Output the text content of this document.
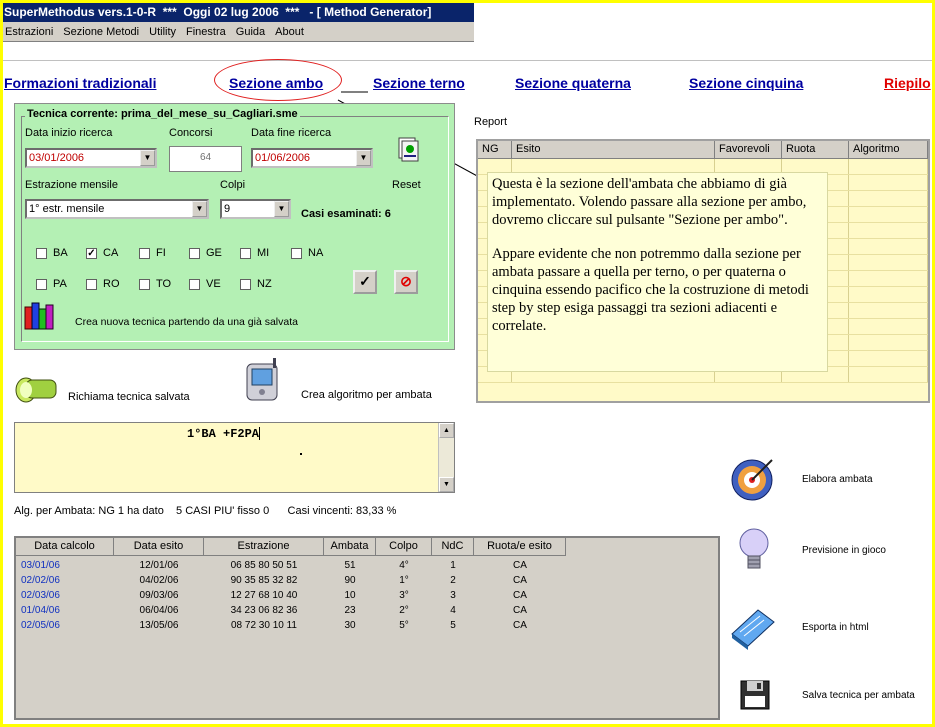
SuperMethodus vers.1-0-R  ***  Oggi 02 lug 2006  ***   - [ Method Generator]
Estrazioni Sezione Metodi Utility Finestra Guida About
Formazioni tradizionali	Sezione ambo	Sezione terno	Sezione quaterna	Sezione cinquina	Riepilo
Tecnica corrente: prima_del_mese_su_Cagliari.sme
Data inizio ricerca
03/01/2006	▼
Concorsi
64
Data fine ricerca
01/06/2006	▼
Estrazione mensile
1° estr. mensile	▼
Colpi
9	▼
Reset
Casi esaminati: 6
BA ✓ CA	FI	GE	MI	NA
PA	RO	TO	VE	NZ	✓	⊘
Crea nuova tecnica partendo da una già salvata
Richiama tecnica salvata	Crea algoritmo per ambata
Report
NG	Esito	Favorevoli	Ruota	Algoritmo

Questa è la sezione dell'ambata che abbiamo di già implementato. Volendo passare alla sezione per ambo, dovremo cliccare sul pulsante "Sezione per ambo".

Appare evidente che non potremmo dalla sezione per ambata passare a quella per terno, o per quaterna o cinquina essendo pacifico che la costruzione di metodi step by step esiga passaggi tra sezioni adiacenti e correlate.

1°BA +F2PA	▲
▼
Alg. per Ambata: NG 1 ha dato    5 CASI PIU' fisso 0      Casi vincenti: 83,33 %
Data calcolo	Data esito	Estrazione	Ambata	Colpo	NdC	Ruota/e esito
03/01/06	12/01/06	06 85 80 50 51	51	4°	1	CA
02/02/06	04/02/06	90 35 85 32 82	90	1°	2	CA
02/03/06	09/03/06	12 27 68 10 40	10	3°	3	CA
01/04/06	06/04/06	34 23 06 82 36	23	2°	4	CA
02/05/06	13/05/06	08 72 30 10 11	30	5°	5	CA
Elabora ambata
Previsione in gioco
Esporta in html
Salva tecnica per ambata
